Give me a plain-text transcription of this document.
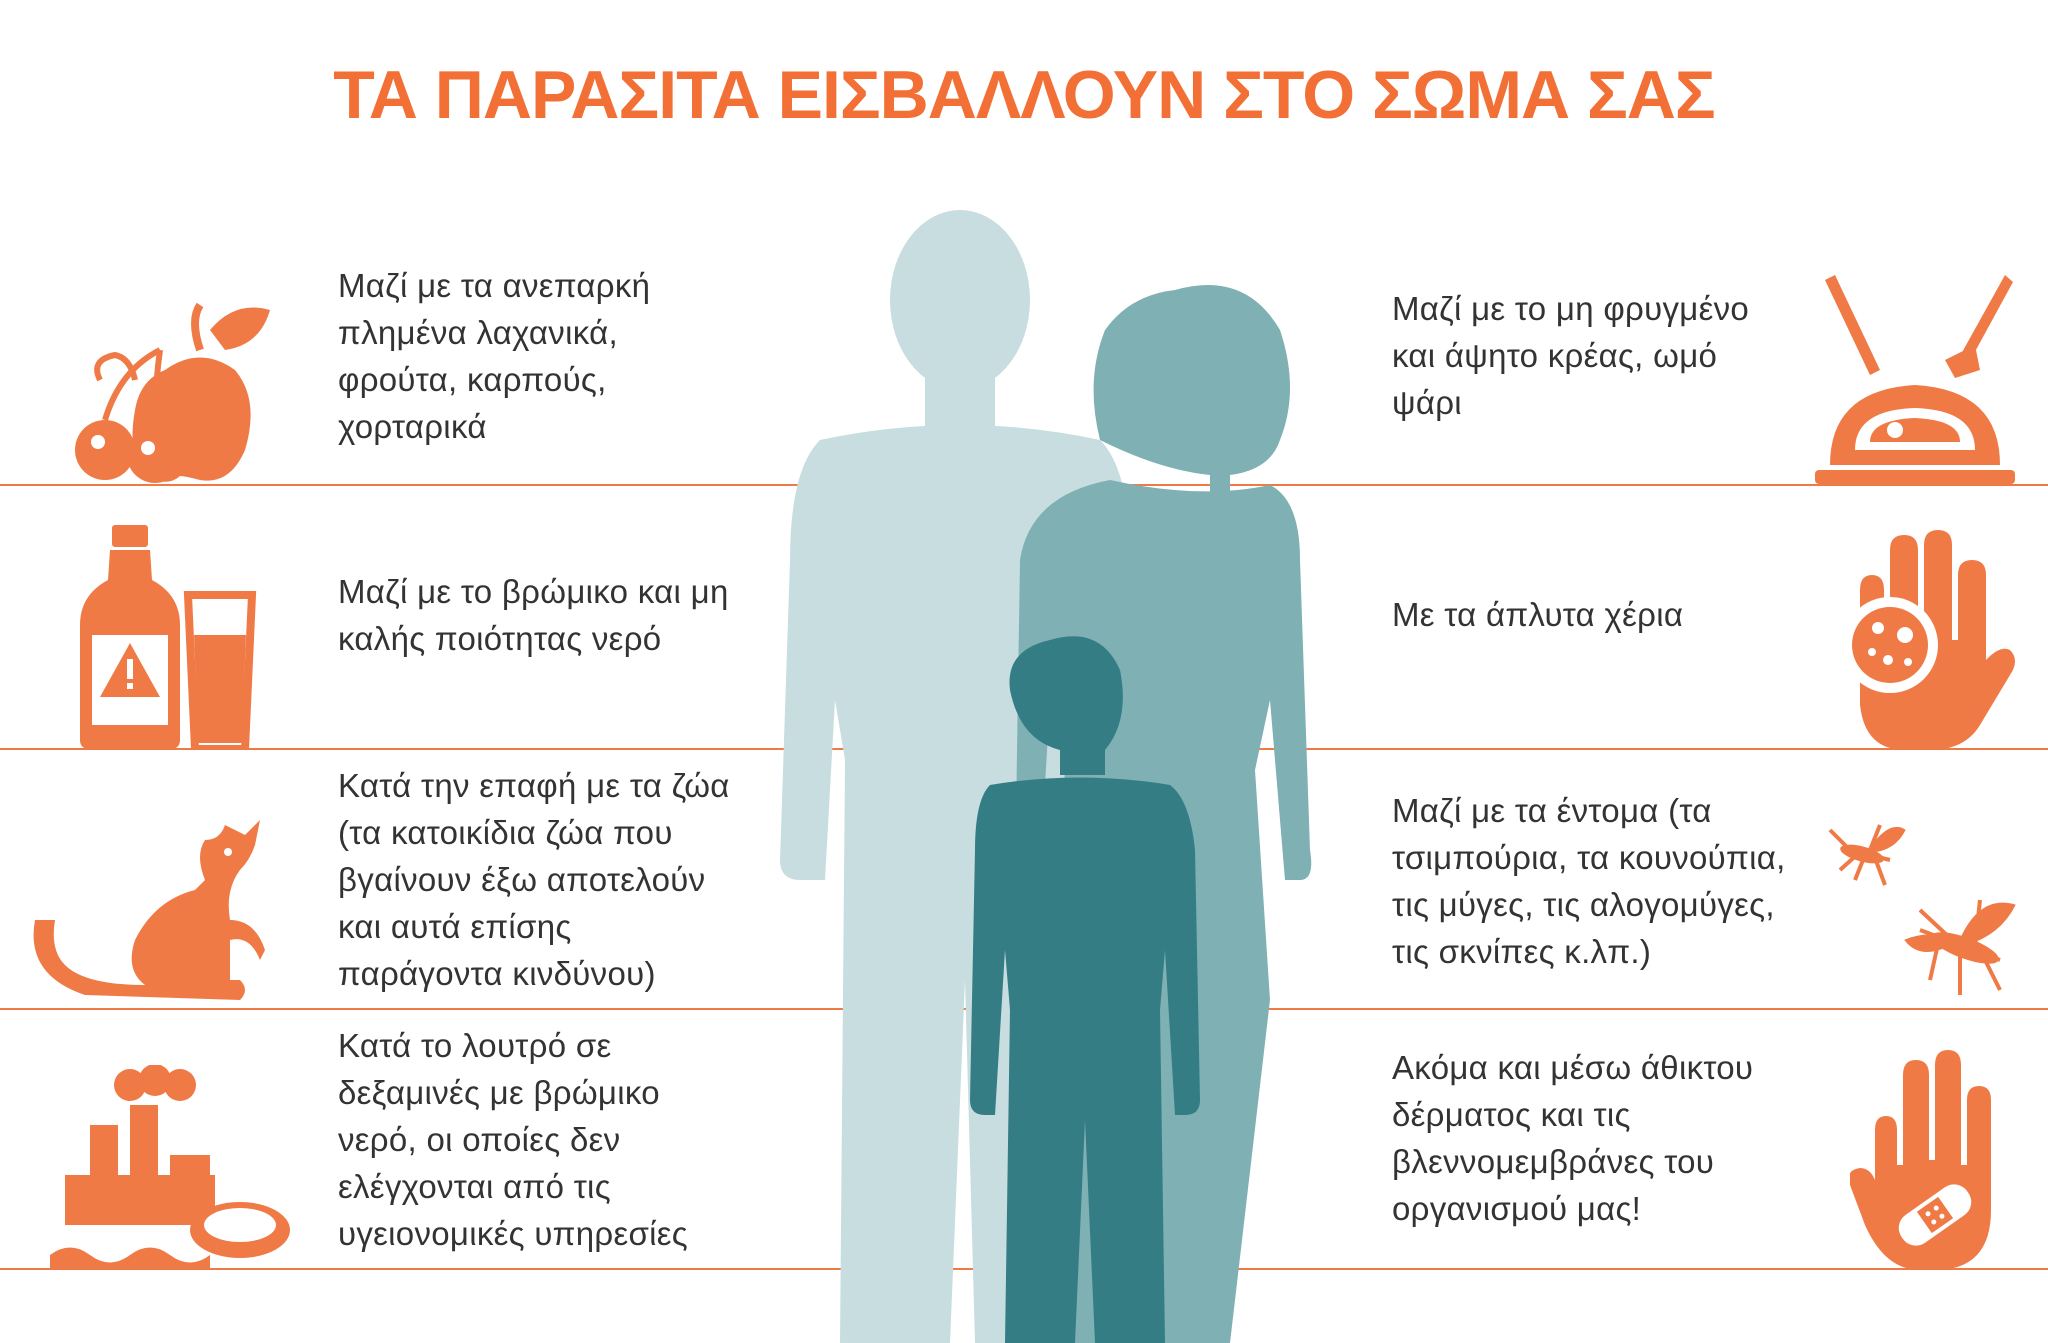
ΤΑ ΠΑΡΑΣΙΤΑ ΕΙΣΒΑΛΛΟΥΝ ΣΤΟ ΣΩΜΑ ΣΑΣ
Μαζί με τα ανεπαρκή
πλημένα λαχανικά,
φρούτα, καρπούς,
χορταρικά
Μαζί με το βρώμικο και μη
καλής ποιότητας νερό
Κατά την επαφή με τα ζώα
(τα κατοικίδια ζώα που
βγαίνουν έξω αποτελούν
και αυτά επίσης
παράγοντα κινδύνου)
Κατά το λουτρό σε
δεξαμινές με βρώμικο
νερό, οι οποίες δεν
ελέγχονται από τις
υγειονομικές υπηρεσίες
Μαζί με το μη φρυγμένο
και άψητο κρέας, ωμό
ψάρι
Με τα άπλυτα χέρια
Μαζί με τα έντομα (τα
τσιμπούρια, τα κουνούπια,
τις μύγες, τις αλογομύγες,
τις σκνίπες κ.λπ.)
Ακόμα και μέσω άθικτου
δέρματος και τις
βλεννομεμβράνες του
οργανισμού μας!
